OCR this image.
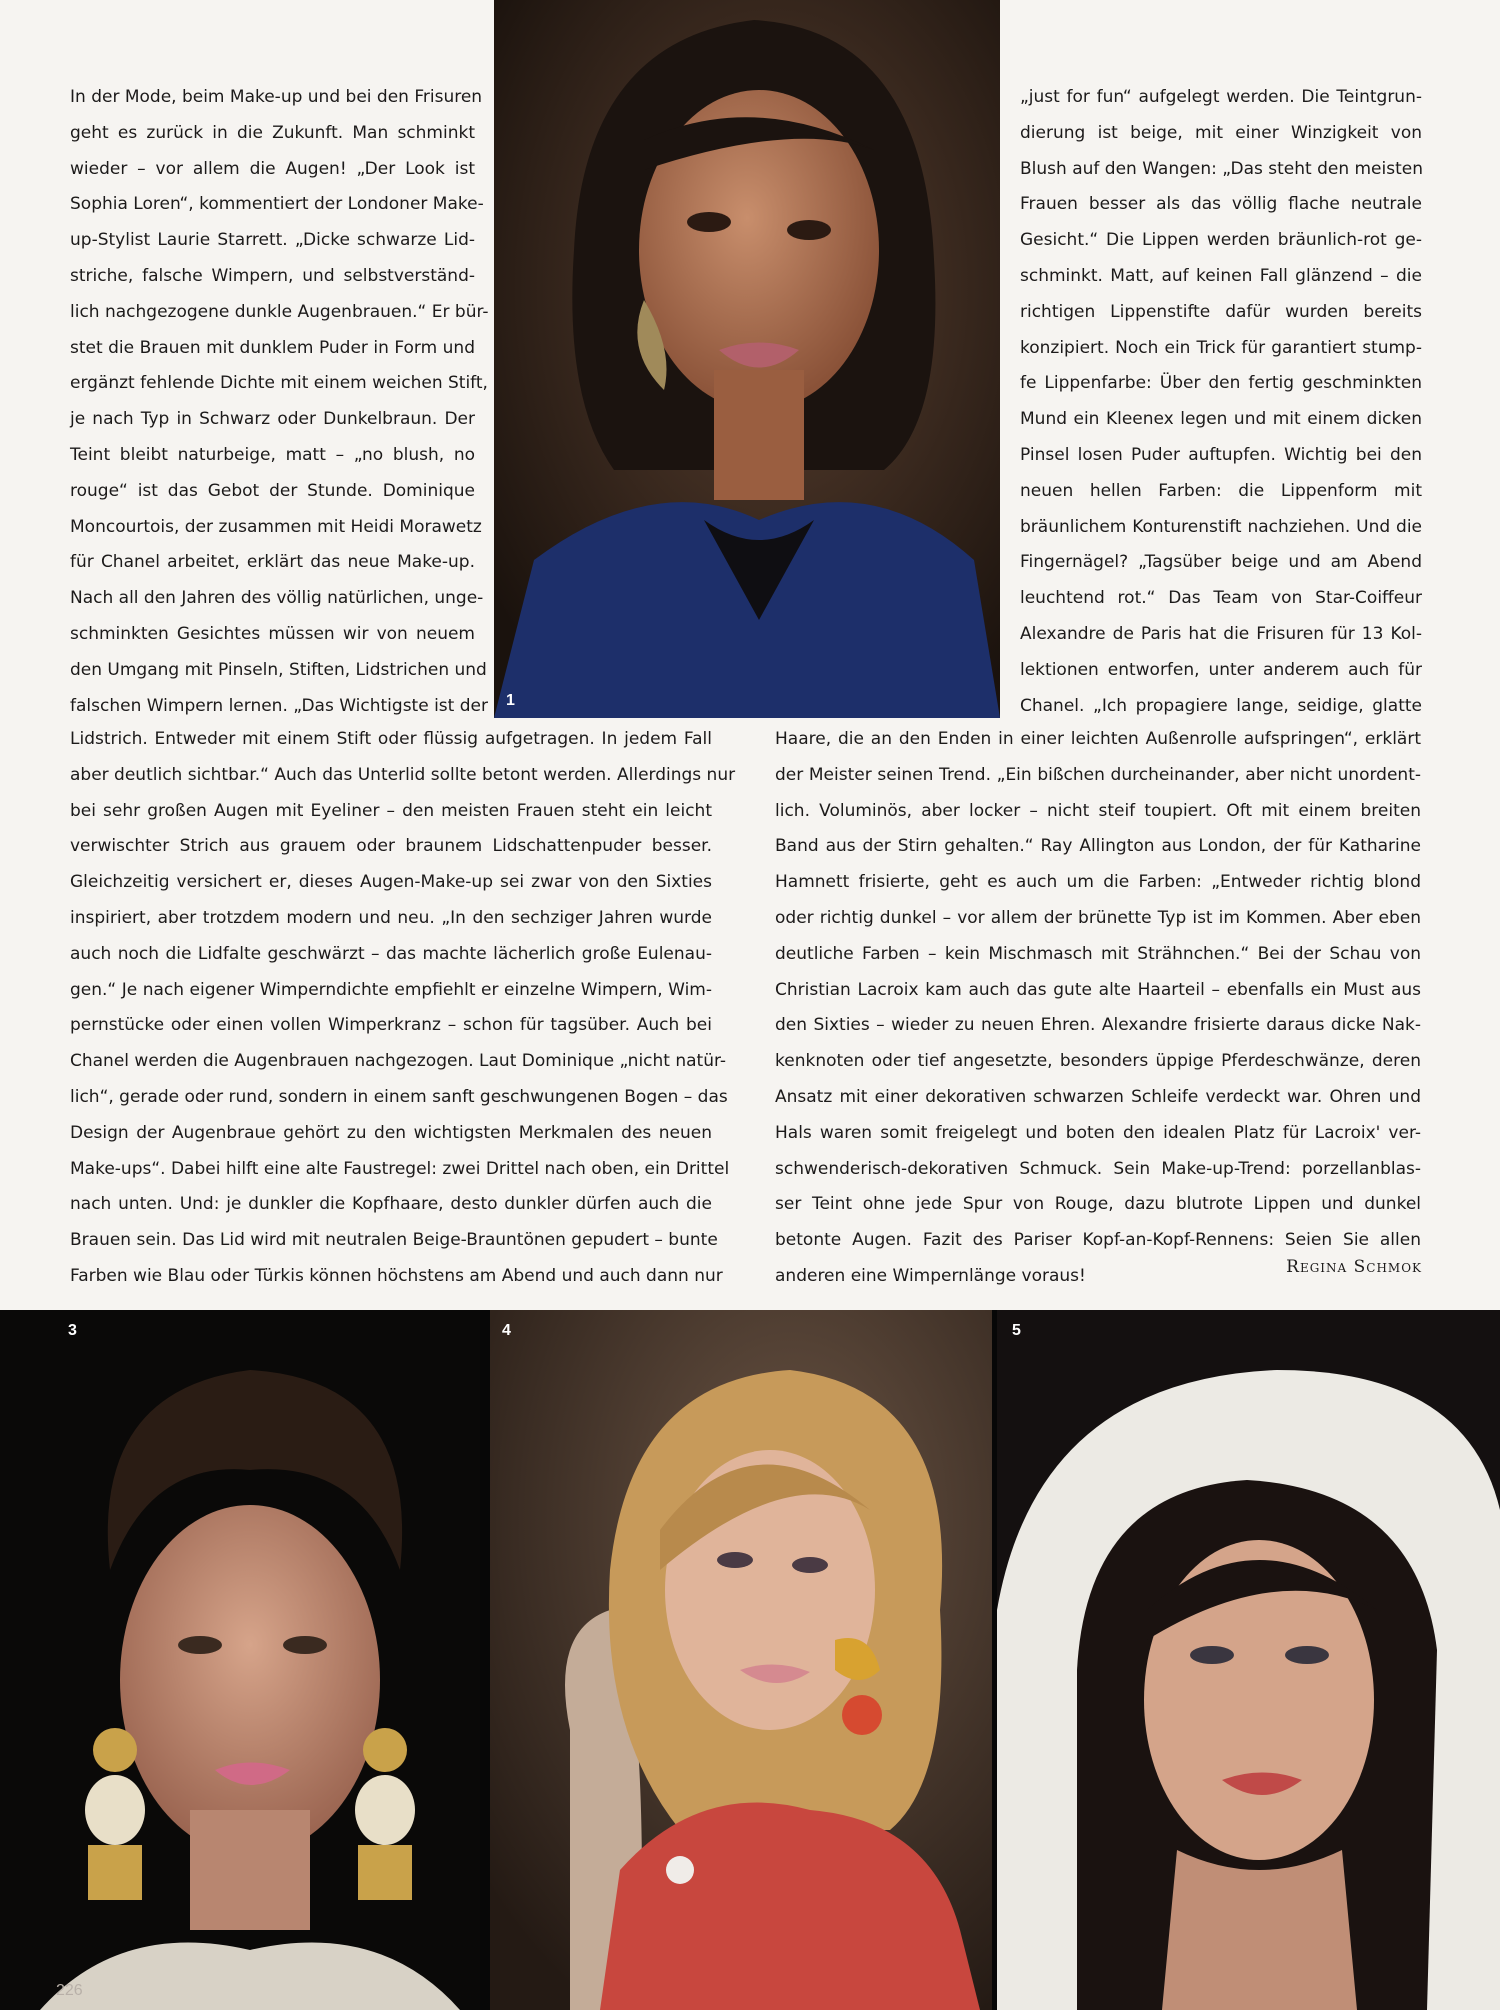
In der Mode, beim Make-up und bei den Frisuren
geht es zurück in die Zukunft. Man schminkt
wieder – vor allem die Augen! „Der Look ist
Sophia Loren“, kommentiert der Londoner Make-
up-Stylist Laurie Starrett. „Dicke schwarze Lid-
striche, falsche Wimpern, und selbstverständ-
lich nachgezogene dunkle Augenbrauen.“ Er bür-
stet die Brauen mit dunklem Puder in Form und
ergänzt fehlende Dichte mit einem weichen Stift,
je nach Typ in Schwarz oder Dunkelbraun. Der
Teint bleibt naturbeige, matt – „no blush, no
rouge“ ist das Gebot der Stunde. Dominique
Moncourtois, der zusammen mit Heidi Morawetz
für Chanel arbeitet, erklärt das neue Make-up.
Nach all den Jahren des völlig natürlichen, unge-
schminkten Gesichtes müssen wir von neuem
den Umgang mit Pinseln, Stiften, Lidstrichen und
falschen Wimpern lernen. „Das Wichtigste ist der
„just for fun“ aufgelegt werden. Die Teintgrun-
dierung ist beige, mit einer Winzigkeit von
Blush auf den Wangen: „Das steht den meisten
Frauen besser als das völlig flache neutrale
Gesicht.“ Die Lippen werden bräunlich-rot ge-
schminkt. Matt, auf keinen Fall glänzend – die
richtigen Lippenstifte dafür wurden bereits
konzipiert. Noch ein Trick für garantiert stump-
fe Lippenfarbe: Über den fertig geschminkten
Mund ein Kleenex legen und mit einem dicken
Pinsel losen Puder auftupfen. Wichtig bei den
neuen hellen Farben: die Lippenform mit
bräunlichem Konturenstift nachziehen. Und die
Fingernägel? „Tagsüber beige und am Abend
leuchtend rot.“ Das Team von Star-Coiffeur
Alexandre de Paris hat die Frisuren für 13 Kol-
lektionen entworfen, unter anderem auch für
Chanel. „Ich propagiere lange, seidige, glatte
Lidstrich. Entweder mit einem Stift oder flüssig aufgetragen. In jedem Fall
aber deutlich sichtbar.“ Auch das Unterlid sollte betont werden. Allerdings nur
bei sehr großen Augen mit Eyeliner – den meisten Frauen steht ein leicht
verwischter Strich aus grauem oder braunem Lidschattenpuder besser.
Gleichzeitig versichert er, dieses Augen-Make-up sei zwar von den Sixties
inspiriert, aber trotzdem modern und neu. „In den sechziger Jahren wurde
auch noch die Lidfalte geschwärzt – das machte lächerlich große Eulenau-
gen.“ Je nach eigener Wimperndichte empfiehlt er einzelne Wimpern, Wim-
pernstücke oder einen vollen Wimperkranz – schon für tagsüber. Auch bei
Chanel werden die Augenbrauen nachgezogen. Laut Dominique „nicht natür-
lich“, gerade oder rund, sondern in einem sanft geschwungenen Bogen – das
Design der Augenbraue gehört zu den wichtigsten Merkmalen des neuen
Make-ups“. Dabei hilft eine alte Faustregel: zwei Drittel nach oben, ein Drittel
nach unten. Und: je dunkler die Kopfhaare, desto dunkler dürfen auch die
Brauen sein. Das Lid wird mit neutralen Beige-Brauntönen gepudert – bunte
Farben wie Blau oder Türkis können höchstens am Abend und auch dann nur
Haare, die an den Enden in einer leichten Außenrolle aufspringen“, erklärt
der Meister seinen Trend. „Ein bißchen durcheinander, aber nicht unordent-
lich. Voluminös, aber locker – nicht steif toupiert. Oft mit einem breiten
Band aus der Stirn gehalten.“ Ray Allington aus London, der für Katharine
Hamnett frisierte, geht es auch um die Farben: „Entweder richtig blond
oder richtig dunkel – vor allem der brünette Typ ist im Kommen. Aber eben
deutliche Farben – kein Mischmasch mit Strähnchen.“ Bei der Schau von
Christian Lacroix kam auch das gute alte Haarteil – ebenfalls ein Must aus
den Sixties – wieder zu neuen Ehren. Alexandre frisierte daraus dicke Nak-
kenknoten oder tief angesetzte, besonders üppige Pferdeschwänze, deren
Ansatz mit einer dekorativen schwarzen Schleife verdeckt war. Ohren und
Hals waren somit freigelegt und boten den idealen Platz für Lacroix' ver-
schwenderisch-dekorativen Schmuck. Sein Make-up-Trend: porzellanblas-
ser Teint ohne jede Spur von Rouge, dazu blutrote Lippen und dunkel
betonte Augen. Fazit des Pariser Kopf-an-Kopf-Rennens: Seien Sie allen
anderen eine Wimpernlänge voraus!	Regina Schmok
1
3	4	5
226
